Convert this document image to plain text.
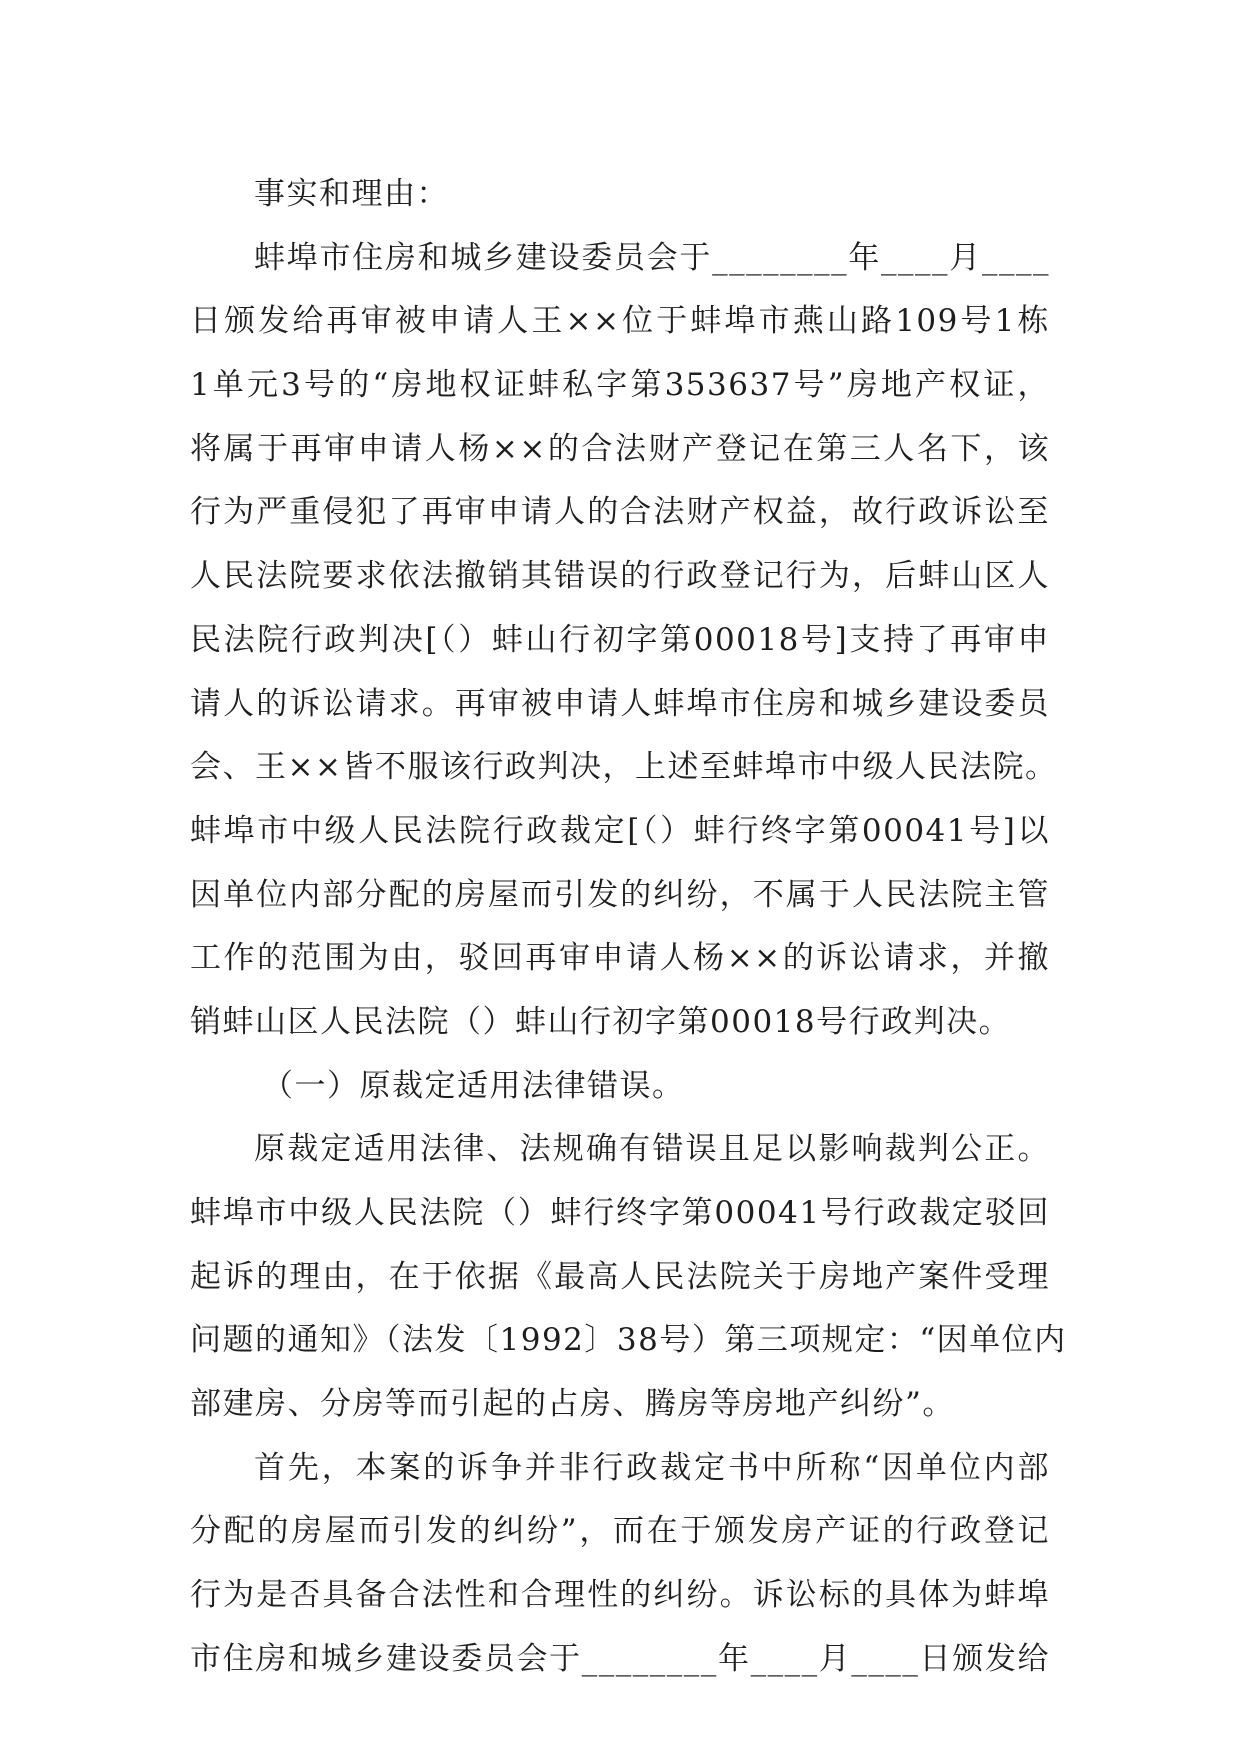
事实和理由：
蚌埠市住房和城乡建设委员会于________年____月____
日颁发给再审被申请人王××位于蚌埠市燕山路109号1栋
1单元3号的“房地权证蚌私字第353637号”房地产权证，
将属于再审申请人杨××的合法财产登记在第三人名下，该
行为严重侵犯了再审申请人的合法财产权益，故行政诉讼至
人民法院要求依法撤销其错误的行政登记行为，后蚌山区人
民法院行政判决[（）蚌山行初字第00018号]支持了再审申
请人的诉讼请求。再审被申请人蚌埠市住房和城乡建设委员
会、王××皆不服该行政判决，上述至蚌埠市中级人民法院。
蚌埠市中级人民法院行政裁定[（）蚌行终字第00041号]以
因单位内部分配的房屋而引发的纠纷，不属于人民法院主管
工作的范围为由，驳回再审申请人杨××的诉讼请求，并撤
销蚌山区人民法院（）蚌山行初字第00018号行政判决。
（一）原裁定适用法律错误。
原裁定适用法律、法规确有错误且足以影响裁判公正。
蚌埠市中级人民法院（）蚌行终字第00041号行政裁定驳回
起诉的理由，在于依据《最高人民法院关于房地产案件受理
问题的通知》（法发〔1992〕38号）第三项规定：“因单位内
部建房、分房等而引起的占房、腾房等房地产纠纷”。
首先，本案的诉争并非行政裁定书中所称“因单位内部
分配的房屋而引发的纠纷”，而在于颁发房产证的行政登记
行为是否具备合法性和合理性的纠纷。诉讼标的具体为蚌埠
市住房和城乡建设委员会于________年____月____日颁发给
